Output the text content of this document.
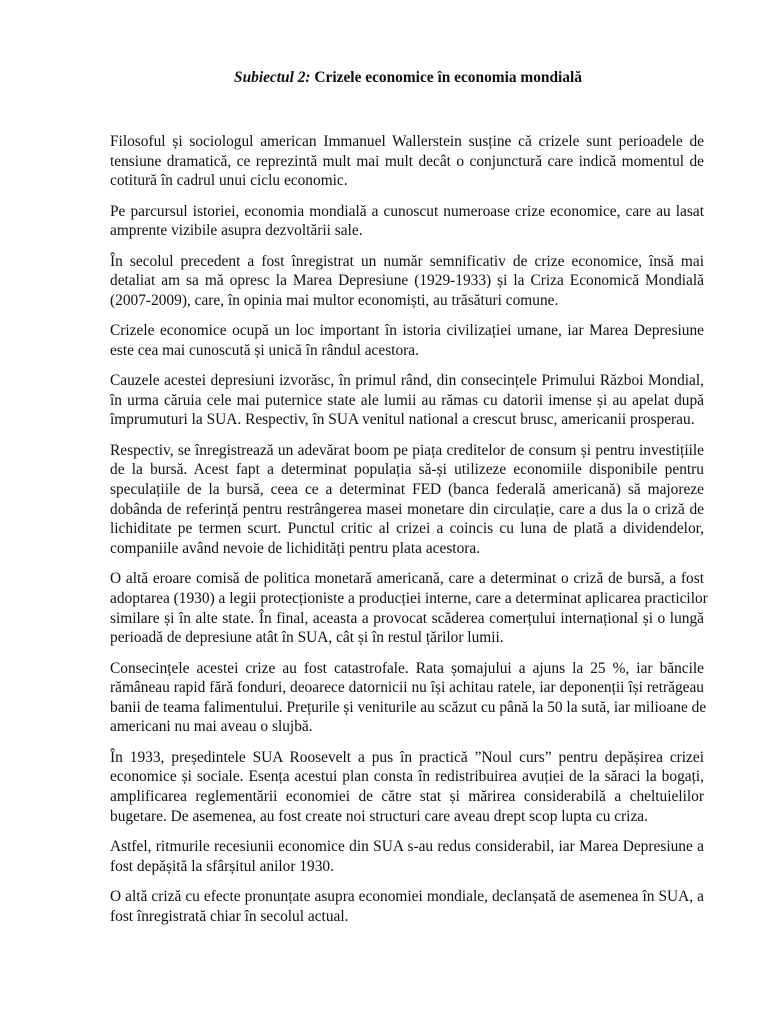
Subiectul 2: Crizele economice în economia mondială
Filosoful și sociologul american Immanuel Wallerstein susține că crizele sunt perioadele de
tensiune dramatică, ce reprezintă mult mai mult decât o conjunctură care indică momentul de
cotitură în cadrul unui ciclu economic.
Pe parcursul istoriei, economia mondială a cunoscut numeroase crize economice, care au lasat
amprente vizibile asupra dezvoltării sale.
În secolul precedent a fost înregistrat un număr semnificativ de crize economice, însă mai
detaliat am sa mă opresc la Marea Depresiune (1929-1933) și la Criza Economică Mondială
(2007-2009), care, în opinia mai multor economiști, au trăsături comune.
Crizele economice ocupă un loc important în istoria civilizației umane, iar Marea Depresiune
este cea mai cunoscută și unică în rândul acestora.
Cauzele acestei depresiuni izvorăsc, în primul rând, din consecințele Primului Război Mondial,
în urma căruia cele mai puternice state ale lumii au rămas cu datorii imense și au apelat după
împrumuturi la SUA. Respectiv, în SUA venitul national a crescut brusc, americanii prosperau.
Respectiv, se înregistrează un adevărat boom pe piața creditelor de consum și pentru investițiile
de la bursă. Acest fapt a determinat populația să-și utilizeze economiile disponibile pentru
speculațiile de la bursă, ceea ce a determinat FED (banca federală americană) să majoreze
dobânda de referință pentru restrângerea masei monetare din circulație, care a dus la o criză de
lichiditate pe termen scurt. Punctul critic al crizei a coincis cu luna de plată a dividendelor,
companiile având nevoie de lichidități pentru plata acestora.
O altă eroare comisă de politica monetară americană, care a determinat o criză de bursă, a fost
adoptarea (1930) a legii protecționiste a producției interne, care a determinat aplicarea practicilor
similare și în alte state. În final, aceasta a provocat scăderea comerțului internațional și o lungă
perioadă de depresiune atât în SUA, cât și în restul țărilor lumii.
Consecințele acestei crize au fost catastrofale. Rata șomajului a ajuns la 25 %, iar băncile
rămâneau rapid fără fonduri, deoarece datornicii nu își achitau ratele, iar deponenții își retrăgeau
banii de teama falimentului. Prețurile și veniturile au scăzut cu până la 50 la sută, iar milioane de
americani nu mai aveau o slujbă.
În 1933, președintele SUA Roosevelt a pus în practică ”Noul curs” pentru depășirea crizei
economice și sociale. Esența acestui plan consta în redistribuirea avuției de la săraci la bogați,
amplificarea reglementării economiei de către stat și mărirea considerabilă a cheltuielilor
bugetare. De asemenea, au fost create noi structuri care aveau drept scop lupta cu criza.
Astfel, ritmurile recesiunii economice din SUA s-au redus considerabil, iar Marea Depresiune a
fost depășită la sfârșitul anilor 1930.
O altă criză cu efecte pronunțate asupra economiei mondiale, declanșată de asemenea în SUA, a
fost înregistrată chiar în secolul actual.
